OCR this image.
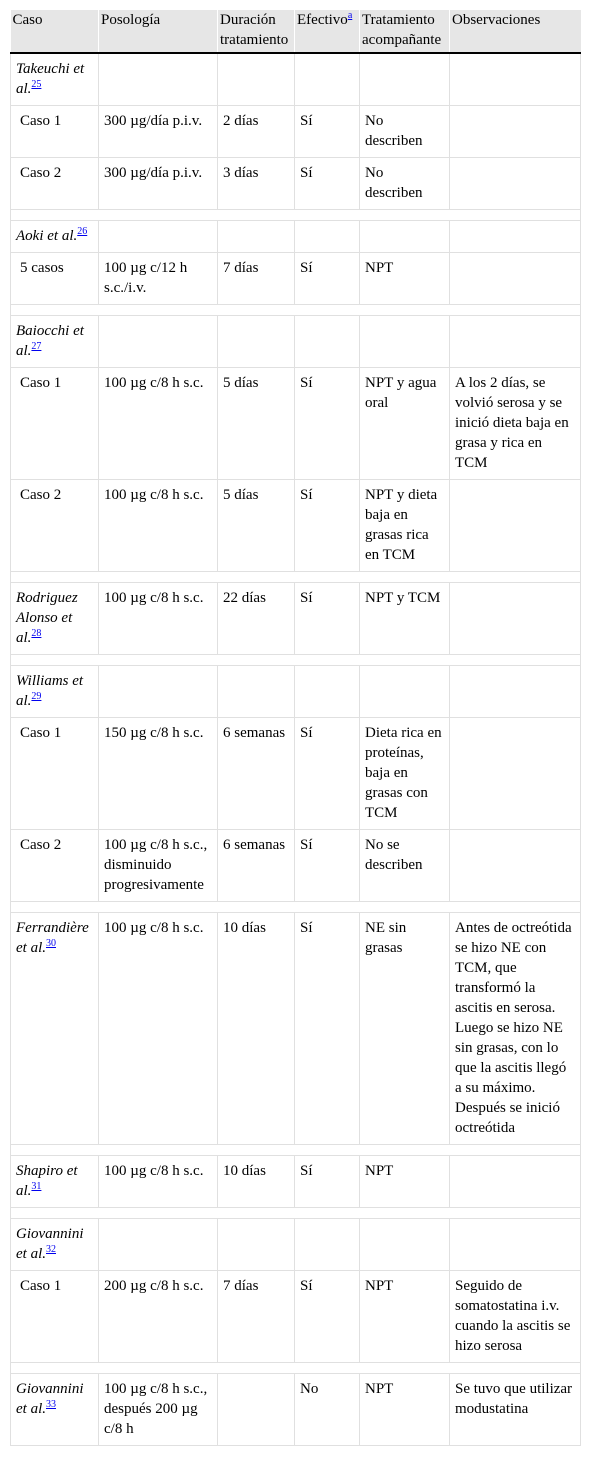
Caso	Posología	Duración tratamiento	Efectivo$^a$	Tratamiento acompañante	Observaciones
Takeuchi et al.$^{25}$					
Caso 1	300 µg/día p.i.v.	2 días	Sí	No describen	
Caso 2	300 µg/día p.i.v.	3 días	Sí	No describen	

Aoki et al.$^{26}$					
5 casos	100 µg c/12 h s.c./i.v.	7 días	Sí	NPT	

Baiocchi et al.$^{27}$					
Caso 1	100 µg c/8 h s.c.	5 días	Sí	NPT y agua oral	A los 2 días, se volvió serosa y se inició dieta baja en grasa y rica en TCM
Caso 2	100 µg c/8 h s.c.	5 días	Sí	NPT y dieta baja en grasas rica en TCM	

Rodriguez Alonso et al.$^{28}$	100 µg c/8 h s.c.	22 días	Sí	NPT y TCM	

Williams et al.$^{29}$					
Caso 1	150 µg c/8 h s.c.	6 semanas	Sí	Dieta rica en proteínas, baja en grasas con TCM	
Caso 2	100 µg c/8 h s.c., disminuido progresivamente	6 semanas	Sí	No se describen	

Ferrandière et al.$^{30}$	100 µg c/8 h s.c.	10 días	Sí	NE sin grasas	Antes de octreótida se hizo NE con TCM, que transformó la ascitis en serosa. Luego se hizo NE sin grasas, con lo que la ascitis llegó a su máximo. Después se inició octreótida

Shapiro et al.$^{31}$	100 µg c/8 h s.c.	10 días	Sí	NPT	

Giovannini et al.$^{32}$					
Caso 1	200 µg c/8 h s.c.	7 días	Sí	NPT	Seguido de somatostatina i.v. cuando la ascitis se hizo serosa

Giovannini et al.$^{33}$	100 µg c/8 h s.c., después 200 µg c/8 h		No	NPT	Se tuvo que utilizar modustatina
